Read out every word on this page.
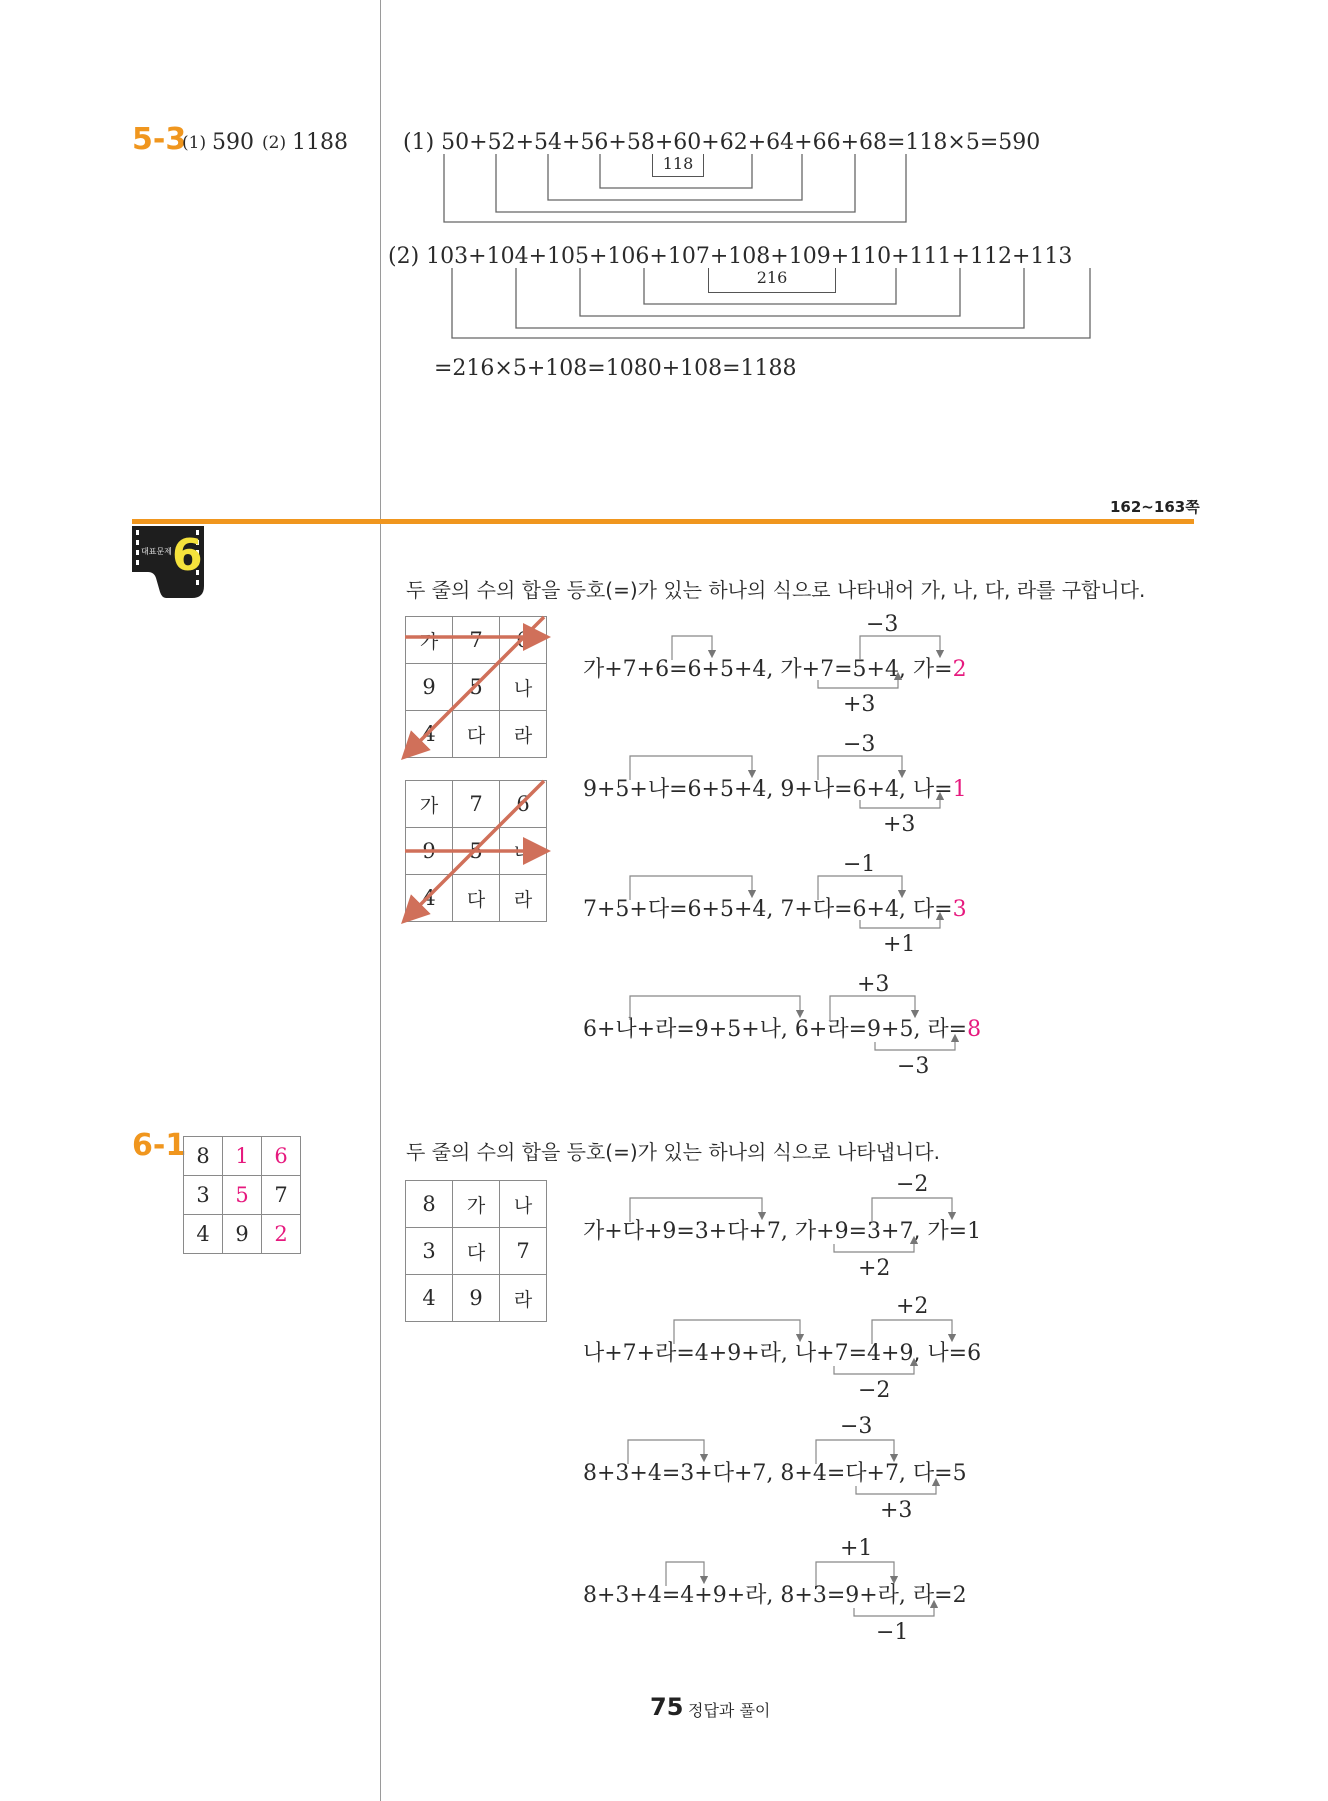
5-3
(1) 590 (2) 1188	(1) 50+52+54+56+58+60+62+64+66+68=118×5=590
118
(2) 103+104+105+106+107+108+109+110+111+112+113
216
=216×5+108=1080+108=1188
162~163쪽
대표문제 6
두 줄의 수의 합을 등호(=)가 있는 하나의 식으로 나타내어 가, 나, 다, 라를 구합니다.
가	7	6
9	5	나
4	다	라
가	7	6
9	5	나
4	다	라
−3
가+7+6=6+5+4, 가+7=5+4, 가=2
+3
−3
9+5+나=6+5+4, 9+나=6+4, 나=1
+3
−1
7+5+다=6+5+4, 7+다=6+4, 다=3
+1
+3
6+나+라=9+5+나, 6+라=9+5, 라=8
−3
6-1 8	1	6
3	5	7
4	9	2
두 줄의 수의 합을 등호(=)가 있는 하나의 식으로 나타냅니다.
8	가	나
3	다	7
4	9	라
−2
가+다+9=3+다+7, 가+9=3+7, 가=1
+2
+2
나+7+라=4+9+라, 나+7=4+9, 나=6
−2
−3
8+3+4=3+다+7, 8+4=다+7, 다=5
+3
+1
8+3+4=4+9+라, 8+3=9+라, 라=2
−1
75 정답과 풀이
